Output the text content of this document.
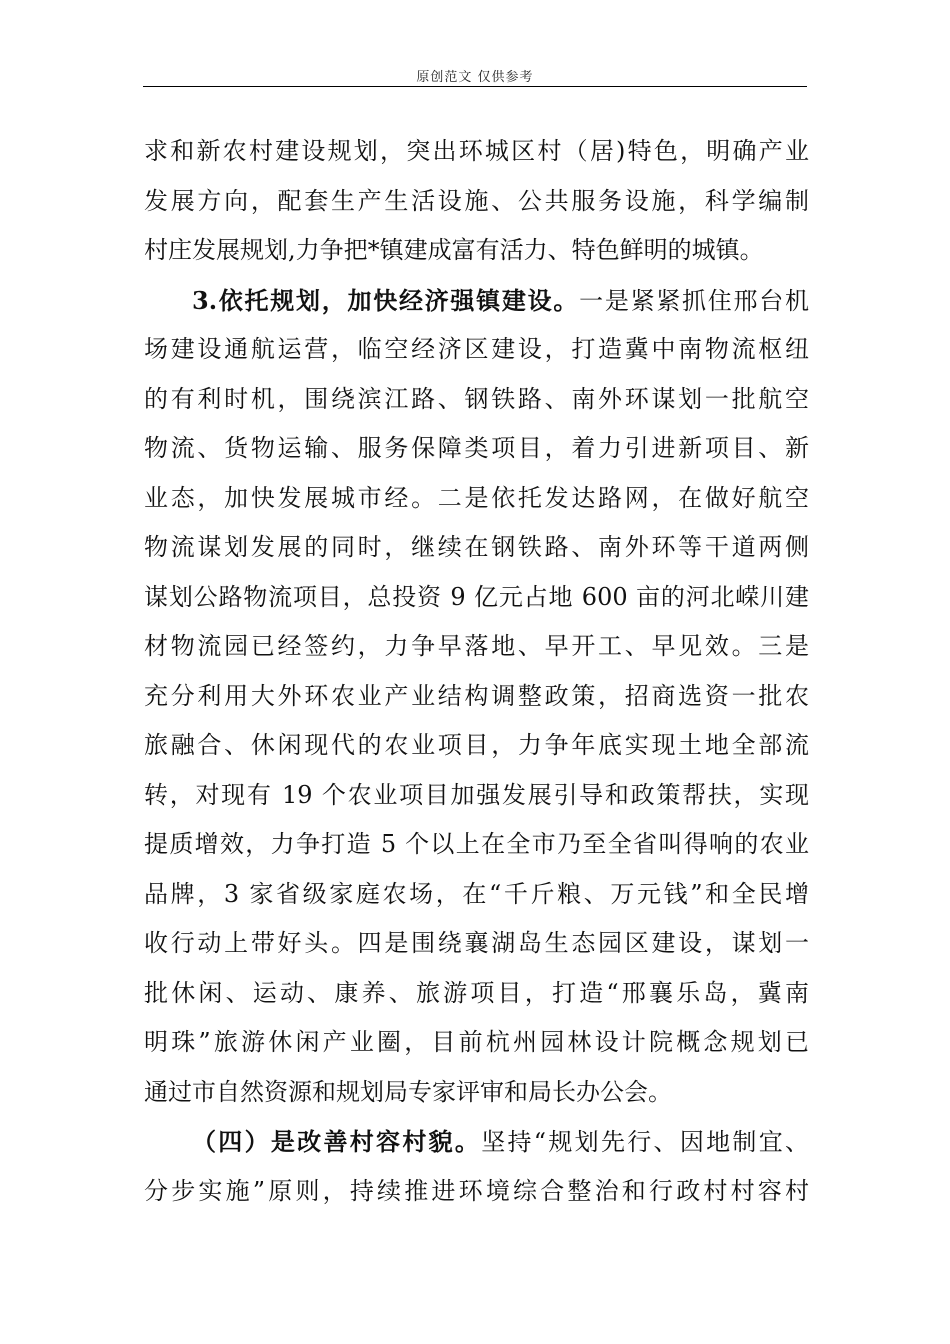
原创范文 仅供参考
求和新农村建设规划，突出环城区村（居)特色，明确产业
发展方向，配套生产生活设施、公共服务设施，科学编制
村庄发展规划,力争把*镇建成富有活力、特色鲜明的城镇。
3.依托规划，加快经济强镇建设。一是紧紧抓住邢台机
场建设通航运营，临空经济区建设，打造冀中南物流枢纽
的有利时机，围绕滨江路、钢铁路、南外环谋划一批航空
物流、货物运输、服务保障类项目，着力引进新项目、新
业态，加快发展城市经。二是依托发达路网，在做好航空
物流谋划发展的同时，继续在钢铁路、南外环等干道两侧
谋划公路物流项目，总投资 9 亿元占地 600 亩的河北嵘川建
材物流园已经签约，力争早落地、早开工、早见效。三是
充分利用大外环农业产业结构调整政策，招商选资一批农
旅融合、休闲现代的农业项目，力争年底实现土地全部流
转，对现有 19 个农业项目加强发展引导和政策帮扶，实现
提质增效，力争打造 5 个以上在全市乃至全省叫得响的农业
品牌，3 家省级家庭农场，在“千斤粮、万元钱”和全民增
收行动上带好头。四是围绕襄湖岛生态园区建设，谋划一
批休闲、运动、康养、旅游项目，打造“邢襄乐岛，冀南
明珠”旅游休闲产业圈，目前杭州园林设计院概念规划已
通过市自然资源和规划局专家评审和局长办公会。
（四）是改善村容村貌。坚持“规划先行、因地制宜、
分步实施”原则，持续推进环境综合整治和行政村村容村
